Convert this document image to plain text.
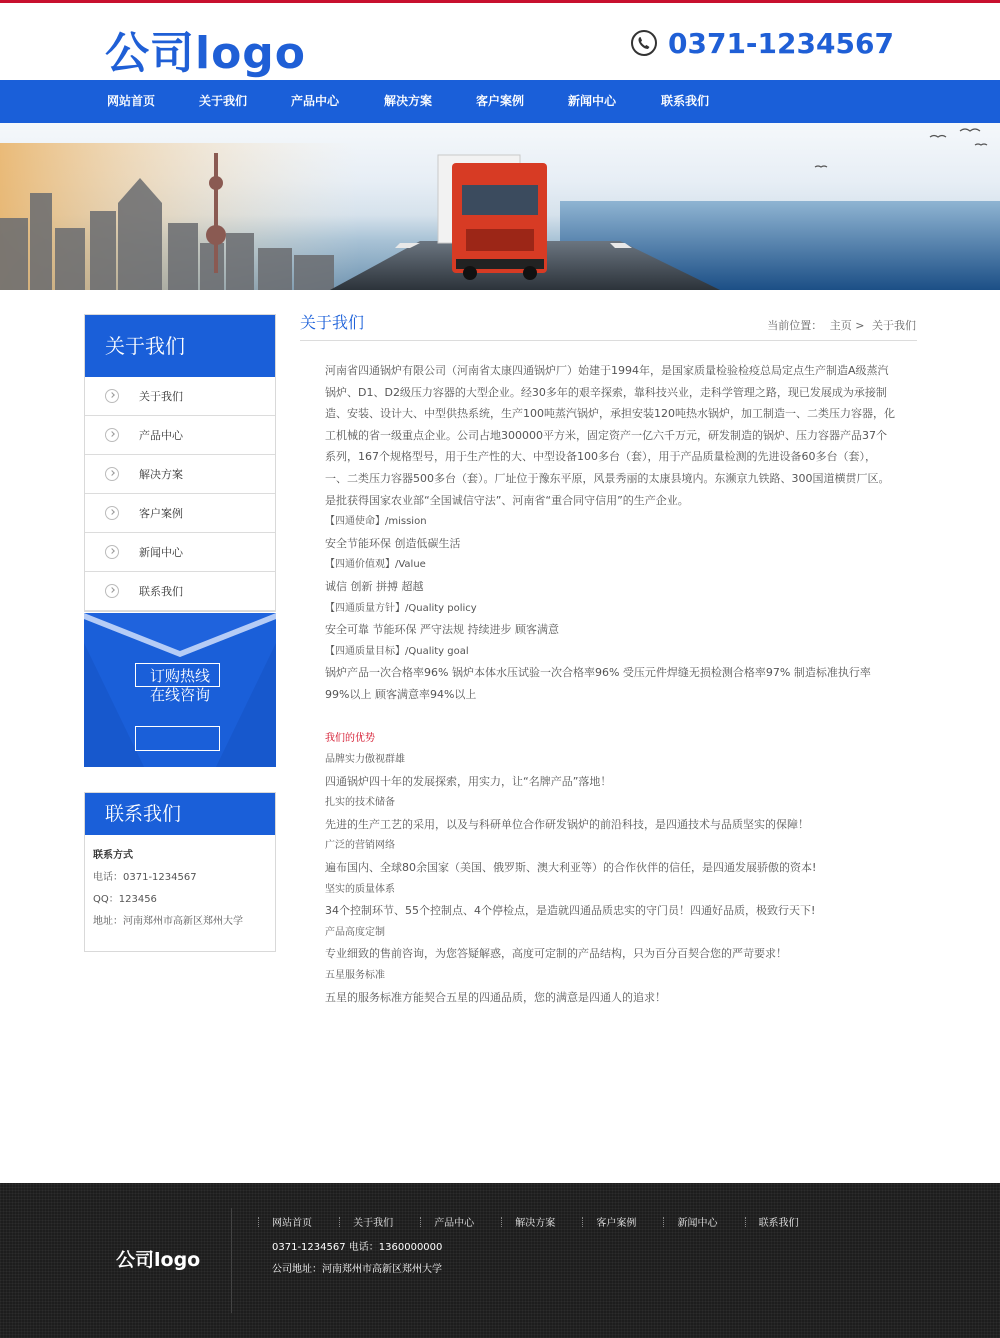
公司logo	0371-1234567
网站首页	关于我们	产品中心	解决方案	客户案例	新闻中心	联系我们
关于我们
关于我们
产品中心
解决方案
客户案例
新闻中心
联系我们
订购热线
在线咨询
联系我们
联系方式
电话：0371-1234567
QQ：123456
地址：河南郑州市高新区郑州大学
关于我们	当前位置： 主页 > 关于我们

河南省四通锅炉有限公司（河南省太康四通锅炉厂）始建于1994年，是国家质量检验检疫总局定点生产制造A级蒸汽锅炉、D1、D2级压力容器的大型企业。经30多年的艰辛探索，靠科技兴业，走科学管理之路，现已发展成为承接制造、安装、设计大、中型供热系统，生产100吨蒸汽锅炉，承担安装120吨热水锅炉，加工制造一、二类压力容器，化工机械的省一级重点企业。公司占地300000平方米，固定资产一亿六千万元，研发制造的锅炉、压力容器产品37个系列，167个规格型号，用于生产性的大、中型设备100多台（套），用于产品质量检测的先进设备60多台（套），一、二类压力容器500多台（套）。厂址位于豫东平原，风景秀丽的太康县境内。东濒京九铁路、300国道横贯厂区。是批获得国家农业部“全国诚信守法”、河南省“重合同守信用”的生产企业。

【四通使命】/mission

安全节能环保 创造低碳生活

【四通价值观】/Value

诚信 创新 拼搏 超越

【四通质量方针】/Quality policy

安全可靠 节能环保 严守法规 持续进步 顾客满意

【四通质量目标】/Quality goal

锅炉产品一次合格率96% 锅炉本体水压试验一次合格率96% 受压元件焊缝无损检测合格率97% 制造标准执行率99%以上 顾客满意率94%以上

我们的优势

品牌实力傲视群雄

四通锅炉四十年的发展探索，用实力，让“名牌产品”落地！

扎实的技术储备

先进的生产工艺的采用，以及与科研单位合作研发锅炉的前沿科技，是四通技术与品质坚实的保障！

广泛的营销网络

遍布国内、全球80余国家（美国、俄罗斯、澳大利亚等）的合作伙伴的信任，是四通发展骄傲的资本!

坚实的质量体系

34个控制环节、55个控制点、4个停检点，是造就四通品质忠实的守门员！四通好品质，极致行天下!

产品高度定制

专业细致的售前咨询，为您答疑解惑，高度可定制的产品结构，只为百分百契合您的严苛要求！

五星服务标准

五星的服务标准方能契合五星的四通品质，您的满意是四通人的追求！

公司logo
网站首页	关于我们	产品中心	解决方案	客户案例	新闻中心	联系我们
0371-1234567 电话：1360000000
公司地址：河南郑州市高新区郑州大学
